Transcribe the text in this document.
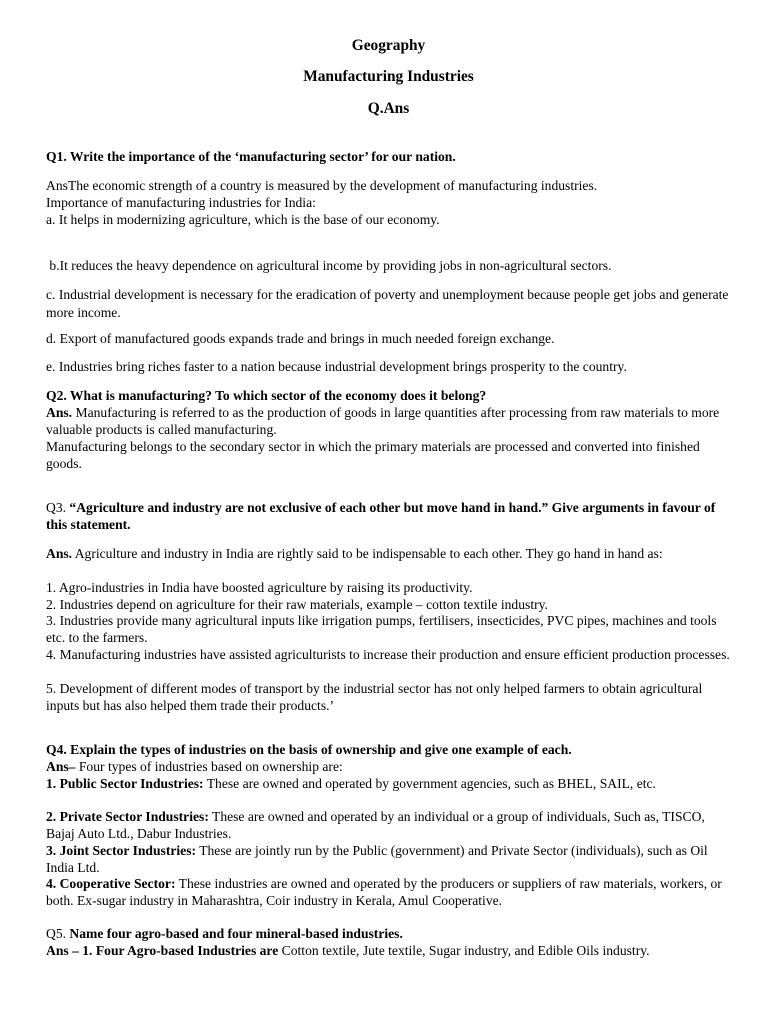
Geography
Manufacturing Industries
Q.Ans

Q1. Write the importance of the ‘manufacturing sector’ for our nation.

AnsThe economic strength of a country is measured by the development of manufacturing industries.

Importance of manufacturing industries for India:

a. It helps in modernizing agriculture, which is the base of our economy.

b.It reduces the heavy dependence on agricultural income by providing jobs in non-agricultural sectors.

c. Industrial development is necessary for the eradication of poverty and unemployment because people get jobs and generate more income.

d. Export of manufactured goods expands trade and brings in much needed foreign exchange.

e. Industries bring riches faster to a nation because industrial development brings prosperity to the country.

Q2. What is manufacturing? To which sector of the economy does it belong?

Ans. Manufacturing is referred to as the production of goods in large quantities after processing from raw materials to more valuable products is called manufacturing.

Manufacturing belongs to the secondary sector in which the primary materials are processed and converted into finished goods.

Q3. “Agriculture and industry are not exclusive of each other but move hand in hand.” Give arguments in favour of this statement.

Ans. Agriculture and industry in India are rightly said to be indispensable to each other. They go hand in hand as:

1. Agro-industries in India have boosted agriculture by raising its productivity.

2. Industries depend on agriculture for their raw materials, example – cotton textile industry.

3. Industries provide many agricultural inputs like irrigation pumps, fertilisers, insecticides, PVC pipes, machines and tools etc. to the farmers.

4. Manufacturing industries have assisted agriculturists to increase their production and ensure efficient production processes.

5. Development of different modes of transport by the industrial sector has not only helped farmers to obtain agricultural inputs but has also helped them trade their products.’

Q4. Explain the types of industries on the basis of ownership and give one example of each.

Ans– Four types of industries based on ownership are:

1. Public Sector Industries: These are owned and operated by government agencies, such as BHEL, SAIL, etc.

2. Private Sector Industries: These are owned and operated by an individual or a group of individuals, Such as, TISCO, Bajaj Auto Ltd., Dabur Industries.

3. Joint Sector Industries: These are jointly run by the Public (government) and Private Sector (individuals), such as Oil India Ltd.

4. Cooperative Sector: These industries are owned and operated by the producers or suppliers of raw materials, workers, or both. Ex-sugar industry in Maharashtra, Coir industry in Kerala, Amul Cooperative.

Q5. Name four agro-based and four mineral-based industries.

Ans – 1. Four Agro-based Industries are Cotton textile, Jute textile, Sugar industry, and Edible Oils industry.
